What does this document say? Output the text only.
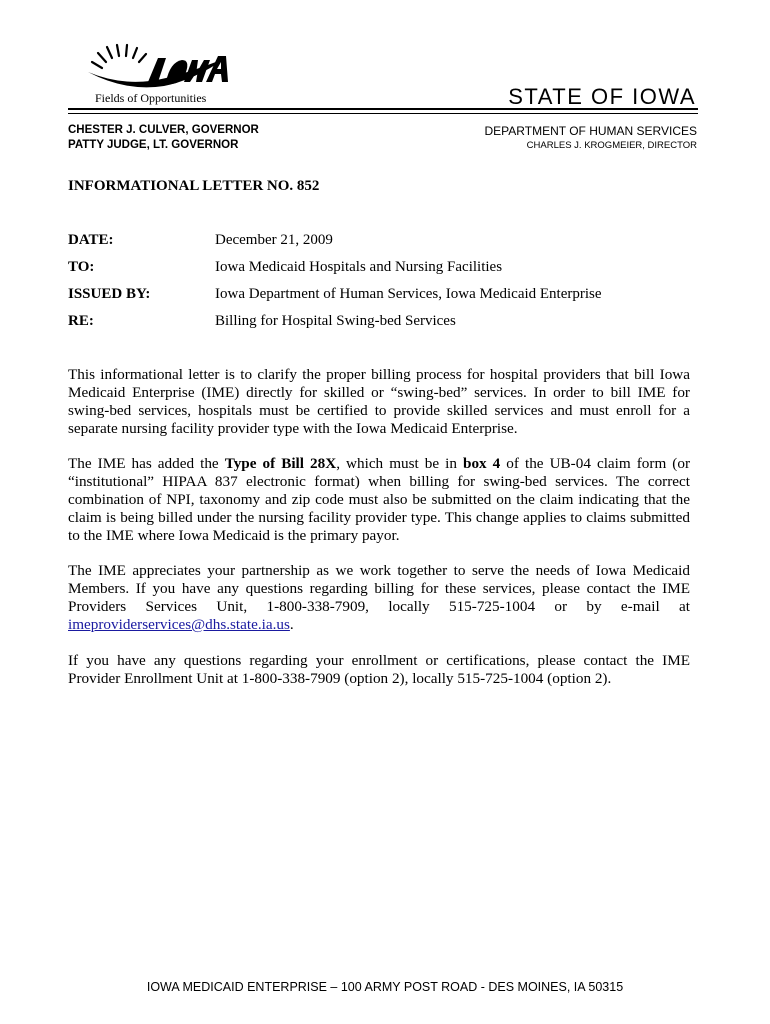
Fields of Opportunities	STATE OF IOWA
CHESTER J. CULVER, GOVERNOR
PATTY JUDGE, LT. GOVERNOR
DEPARTMENT OF HUMAN SERVICES
CHARLES J. KROGMEIER, DIRECTOR
INFORMATIONAL LETTER NO. 852
DATE:	December 21, 2009
TO:	Iowa Medicaid Hospitals and Nursing Facilities
ISSUED BY:	Iowa Department of Human Services, Iowa Medicaid Enterprise
RE:	Billing for Hospital Swing-bed Services

This informational letter is to clarify the proper billing process for hospital providers that bill Iowa Medicaid Enterprise (IME) directly for skilled or “swing-bed” services. In order to bill IME for swing-bed services, hospitals must be certified to provide skilled services and must enroll for a separate nursing facility provider type with the Iowa Medicaid Enterprise.

The IME has added the Type of Bill 28X, which must be in box 4 of the UB-04 claim form (or “institutional” HIPAA 837 electronic format) when billing for swing-bed services. The correct combination of NPI, taxonomy and zip code must also be submitted on the claim indicating that the claim is being billed under the nursing facility provider type. This change applies to claims submitted to the IME where Iowa Medicaid is the primary payor.

The IME appreciates your partnership as we work together to serve the needs of Iowa Medicaid Members. If you have any questions regarding billing for these services, please contact the IME Providers Services Unit, 1-800-338-7909, locally 515-725-1004 or by e-mail at imeproviderservices@dhs.state.ia.us.

If you have any questions regarding your enrollment or certifications, please contact the IME Provider Enrollment Unit at 1-800-338-7909 (option 2), locally 515-725-1004 (option 2).

IOWA MEDICAID ENTERPRISE – 100 ARMY POST ROAD - DES MOINES, IA 50315
